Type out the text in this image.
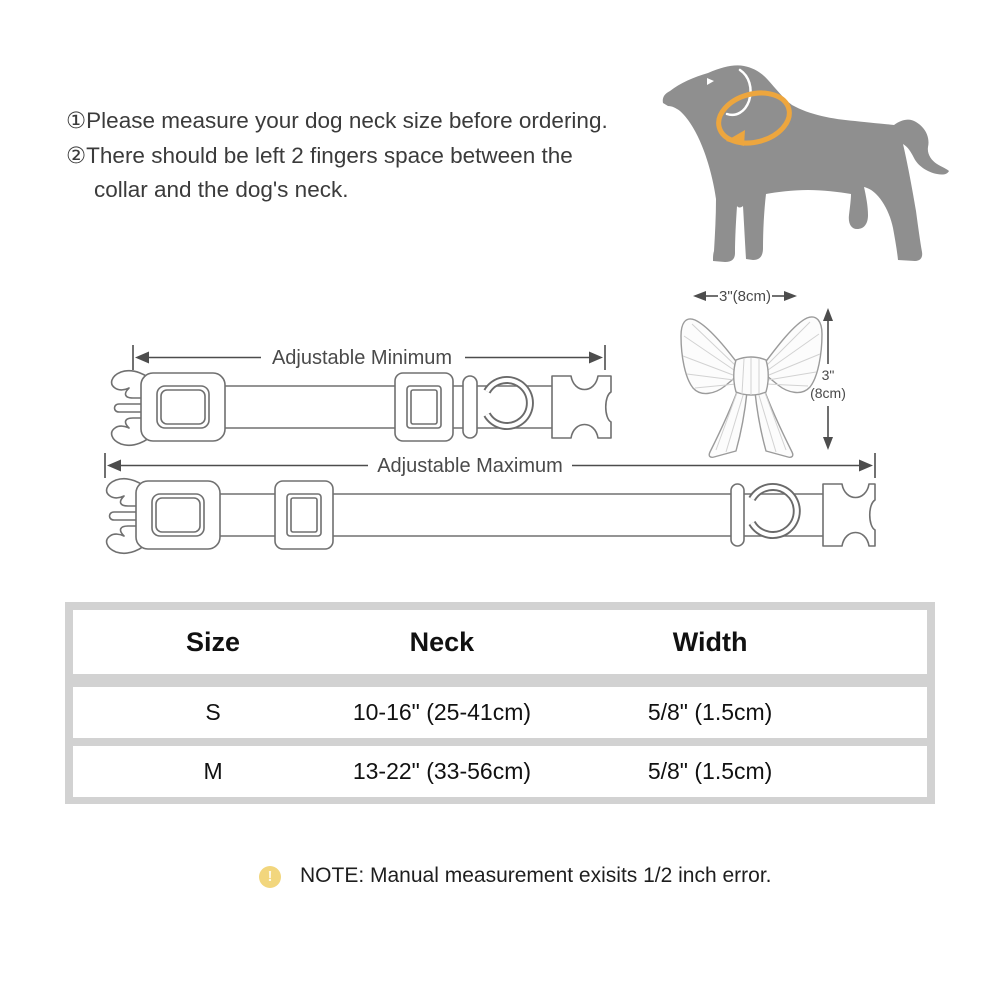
①Please measure your dog neck size before ordering.
②There should be left 2 fingers space between the

collar and the dog's neck.
Adjustable Minimum
Adjustable Maximum
3"(8cm)
3"
(8cm)
Size	Neck	Width
S	10-16" (25-41cm)	5/8" (1.5cm)
M	13-22" (33-56cm)	5/8" (1.5cm)
!	NOTE: Manual measurement exisits 1/2 inch error.
